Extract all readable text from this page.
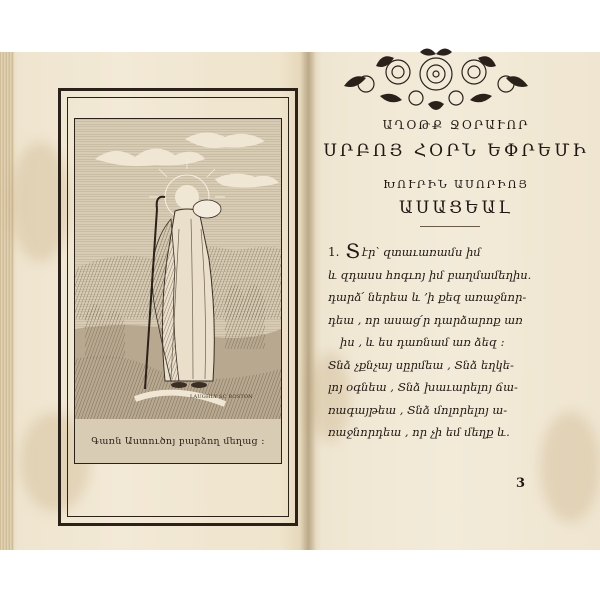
LAUGHLY SC BOSTON
Գառն Աստուծոյ բարձող մեղաց ։
ԱՂՕԹՔ ՋՕՐԱՒՈՐ
ՍՐԲՈՅ ՀՕՐՆ ԵՓՐԵՄԻ
ԽՈՒՐԻՆ ԱՍՈՐԻՈՅ
ԱՍԱՑԵԱԼ
1. Տ էր՝ զտաւառամս իմ
և զդասս հոգւոյ իմ բաղմամեղիս.
դարձ՛ ներեա և ՚ի քեզ առաջնոր-
դեա , որ ասաց՛ր դարձարոք առ
իս , և ես դառնամ առ ձեզ ։
Տնձ չքնչայ սըրմեա , Տնձ եղկե-
լոյ օգնեա , Տնձ խաւարելոյ ճա-
ռագայթեա , Տնձ մոլորելոյ ա-
ռաջնորդեա , որ չի եմ մեղք և.
3
